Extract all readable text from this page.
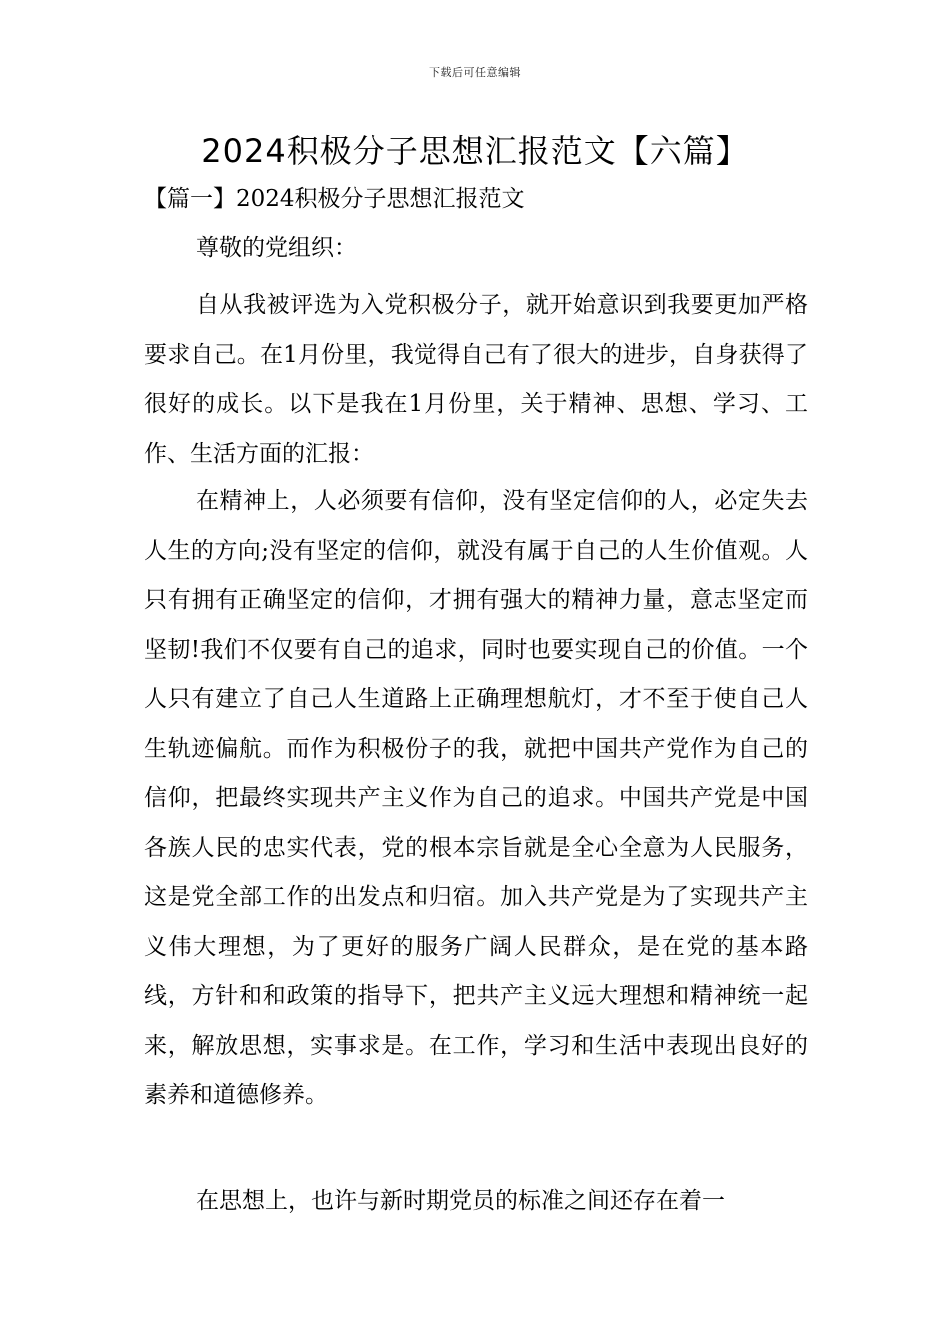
下载后可任意编辑
2024积极分子思想汇报范文【六篇】
【篇一】2024积极分子思想汇报范文
尊敬的党组织：

自从我被评选为入党积极分子，就开始意识到我要更加严格要求自己。在1月份里，我觉得自己有了很大的进步，自身获得了很好的成长。以下是我在1月份里，关于精神、思想、学习、工作、生活方面的汇报：

在精神上，人必须要有信仰，没有坚定信仰的人，必定失去人生的方向;没有坚定的信仰，就没有属于自己的人生价值观。人只有拥有正确坚定的信仰，才拥有强大的精神力量，意志坚定而坚韧!我们不仅要有自己的追求，同时也要实现自己的价值。一个人只有建立了自己人生道路上正确理想航灯，才不至于使自己人生轨迹偏航。而作为积极份子的我，就把中国共产党作为自己的信仰，把最终实现共产主义作为自己的追求。中国共产党是中国各族人民的忠实代表，党的根本宗旨就是全心全意为人民服务，这是党全部工作的出发点和归宿。加入共产党是为了实现共产主义伟大理想，为了更好的服务广阔人民群众，是在党的基本路线，方针和和政策的指导下，把共产主义远大理想和精神统一起来，解放思想，实事求是。在工作，学习和生活中表现出良好的素养和道德修养。

在思想上，也许与新时期党员的标准之间还存在着一
